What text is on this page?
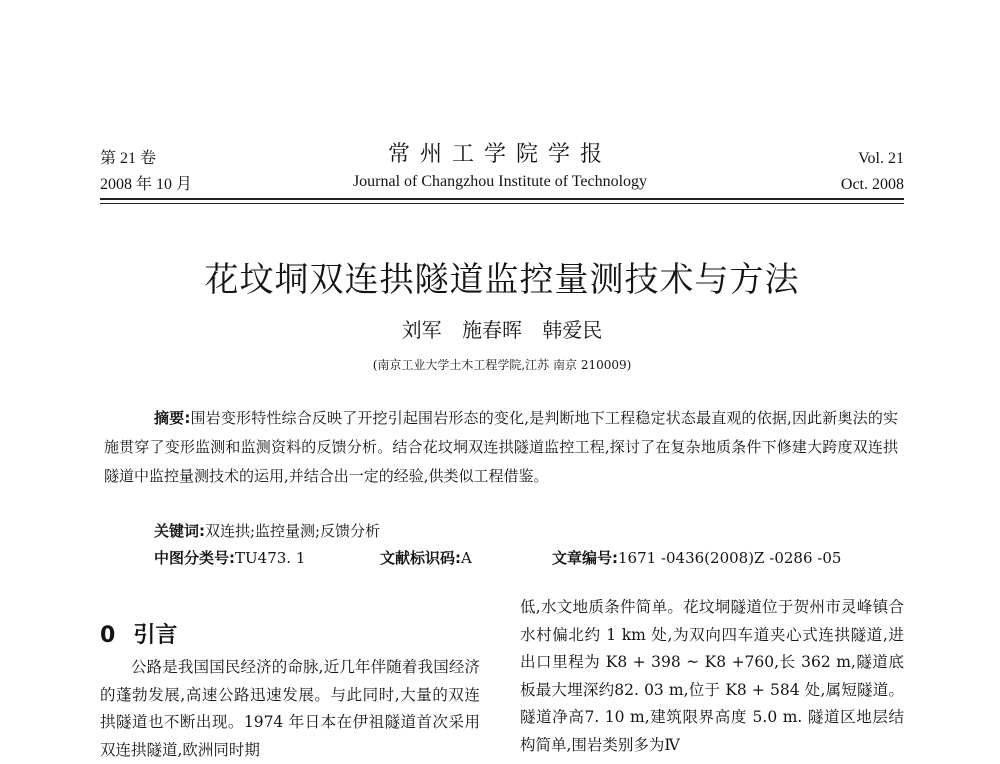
第 21 卷
2008 年 10 月
常州工学院学报
Journal of Changzhou Institute of Technology
Vol. 21
Oct. 2008
花坟垌双连拱隧道监控量测技术与方法
刘军 施春晖 韩爱民
(南京工业大学土木工程学院,江苏 南京 210009)
摘要:围岩变形特性综合反映了开挖引起围岩形态的变化,是判断地下工程稳定状态最直观的依据,因此新奥法的实施贯穿了变形监测和监测资料的反馈分析。结合花坟垌双连拱隧道监控工程,探讨了在复杂地质条件下修建大跨度双连拱隧道中监控量测技术的运用,并结合出一定的经验,供类似工程借鉴。
关键词:双连拱;监控量测;反馈分析
中图分类号:TU473. 1	文献标识码:A	文章编号:1671 -0436(2008)Z -0286 -05
0 引言
公路是我国国民经济的命脉,近几年伴随着我国经济的蓬勃发展,高速公路迅速发展。与此同时,大量的双连拱隧道也不断出现。1974 年日本在伊祖隧道首次采用双连拱隧道,欧洲同时期
低,水文地质条件简单。花坟垌隧道位于贺州市灵峰镇合水村偏北约 1 km 处,为双向四车道夹心式连拱隧道,进出口里程为 K8 + 398 ~ K8 +760,长 362 m,隧道底板最大埋深约82. 03 m,位于 K8 + 584 处,属短隧道。隧道净高7. 10 m,建筑限界高度 5.0 m. 隧道区地层结构简单,围岩类别多为Ⅳ
